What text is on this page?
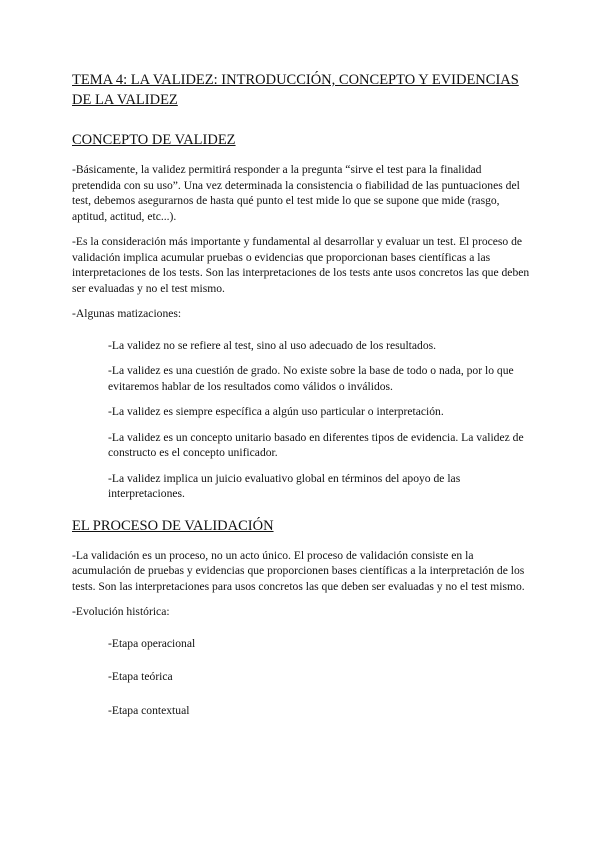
TEMA 4: LA VALIDEZ: INTRODUCCIÓN, CONCEPTO Y EVIDENCIAS DE LA VALIDEZ
CONCEPTO DE VALIDEZ
-Básicamente, la validez permitirá responder a la pregunta “sirve el test para la finalidad pretendida con su uso”. Una vez determinada la consistencia o fiabilidad de las puntuaciones del test, debemos asegurarnos de hasta qué punto el test mide lo que se supone que mide (rasgo, aptitud, actitud, etc...).
-Es la consideración más importante y fundamental al desarrollar y evaluar un test. El proceso de validación implica acumular pruebas o evidencias que proporcionan bases científicas a las interpretaciones de los tests. Son las interpretaciones de los tests ante usos concretos las que deben ser evaluadas y no el test mismo.
-Algunas matizaciones:
-La validez no se refiere al test, sino al uso adecuado de los resultados.
-La validez es una cuestión de grado. No existe sobre la base de todo o nada, por lo que evitaremos hablar de los resultados como válidos o inválidos.
-La validez es siempre específica a algún uso particular o interpretación.
-La validez es un concepto unitario basado en diferentes tipos de evidencia. La validez de constructo es el concepto unificador.
-La validez implica un juicio evaluativo global en términos del apoyo de las interpretaciones.
EL PROCESO DE VALIDACIÓN
-La validación es un proceso, no un acto único. El proceso de validación consiste en la acumulación de pruebas y evidencias que proporcionen bases científicas a la interpretación de los tests. Son las interpretaciones para usos concretos las que deben ser evaluadas y no el test mismo.
-Evolución histórica:
-Etapa operacional
-Etapa teórica
-Etapa contextual
